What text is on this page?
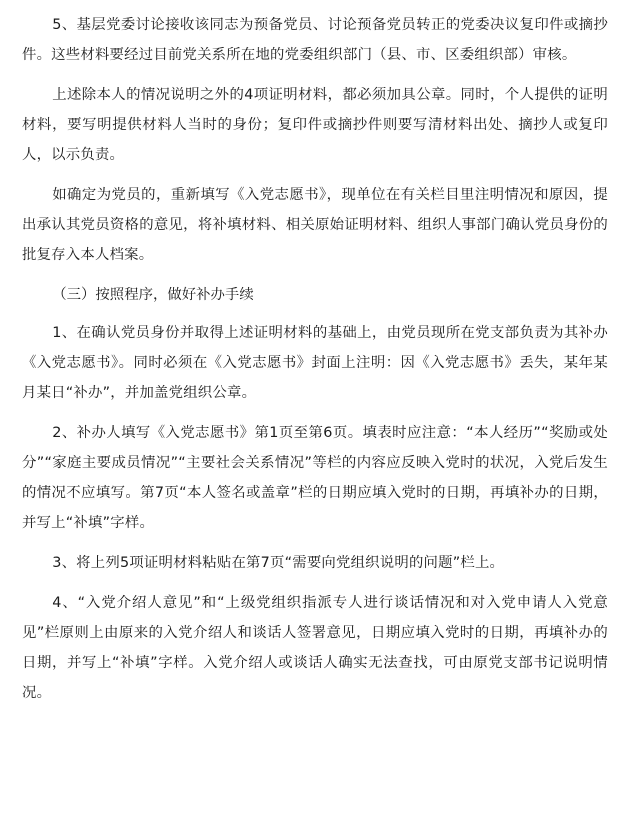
5、基层党委讨论接收该同志为预备党员、讨论预备党员转正的党委决议复印件或摘抄件。这些材料要经过目前党关系所在地的党委组织部门（县、市、区委组织部）审核。

上述除本人的情况说明之外的4项证明材料，都必须加具公章。同时，个人提供的证明材料，要写明提供材料人当时的身份；复印件或摘抄件则要写清材料出处、摘抄人或复印人，以示负责。

如确定为党员的，重新填写《入党志愿书》，现单位在有关栏目里注明情况和原因，提出承认其党员资格的意见，将补填材料、相关原始证明材料、组织人事部门确认党员身份的批复存入本人档案。

（三）按照程序，做好补办手续

1、在确认党员身份并取得上述证明材料的基础上，由党员现所在党支部负责为其补办《入党志愿书》。同时必须在《入党志愿书》封面上注明：因《入党志愿书》丢失，某年某月某日“补办”，并加盖党组织公章。

2、补办人填写《入党志愿书》第1页至第6页。填表时应注意：“本人经历”“奖励或处分”“家庭主要成员情况”“主要社会关系情况”等栏的内容应反映入党时的状况，入党后发生的情况不应填写。第7页“本人签名或盖章”栏的日期应填入党时的日期，再填补办的日期，并写上“补填”字样。

3、将上列5项证明材料粘贴在第7页“需要向党组织说明的问题”栏上。

4、“入党介绍人意见”和“上级党组织指派专人进行谈话情况和对入党申请人入党意见”栏原则上由原来的入党介绍人和谈话人签署意见，日期应填入党时的日期，再填补办的日期，并写上“补填”字样。入党介绍人或谈话人确实无法查找，可由原党支部书记说明情况。
